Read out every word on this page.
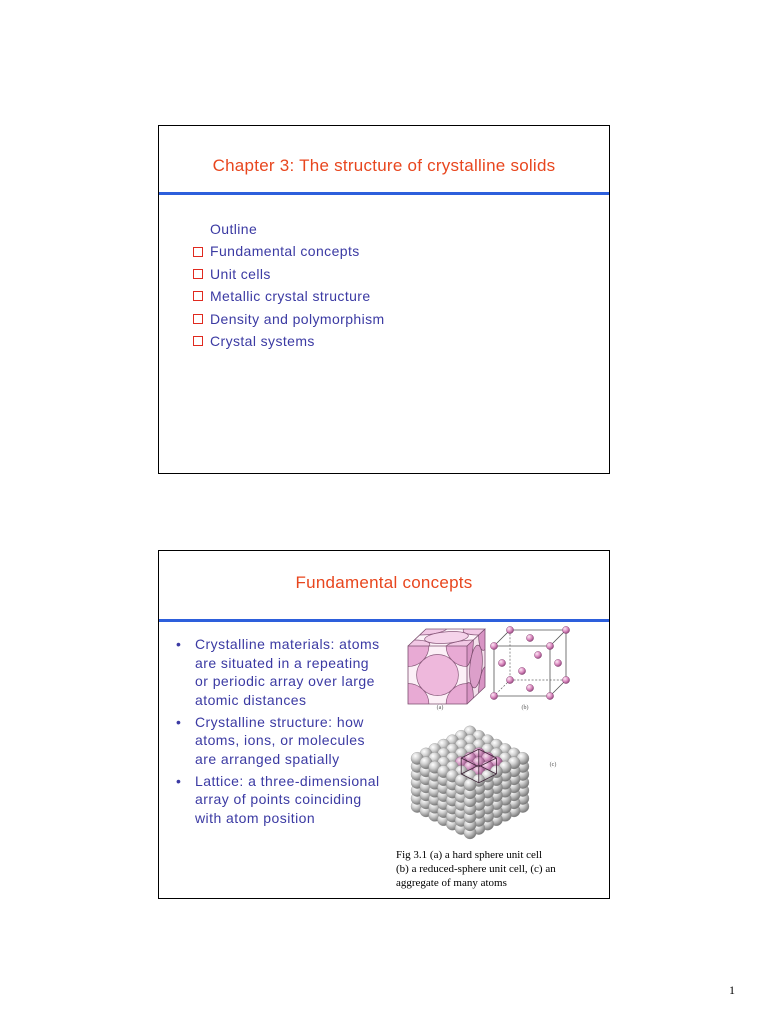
Chapter 3: The structure of crystalline solids
Outline
Fundamental concepts
Unit cells
Metallic crystal structure
Density and polymorphism
Crystal systems
Fundamental concepts
• Crystalline materials: atoms
are situated in a repeating
or periodic array over large
atomic distances
• Crystalline structure: how
atoms, ions, or molecules
are arranged spatially
• Lattice: a three-dimensional
array of points coinciding
with atom position
(a)	(b)
(c)
Fig 3.1 (a) a hard sphere unit cell
(b) a reduced-sphere unit cell, (c) an
aggregate of many atoms
1
